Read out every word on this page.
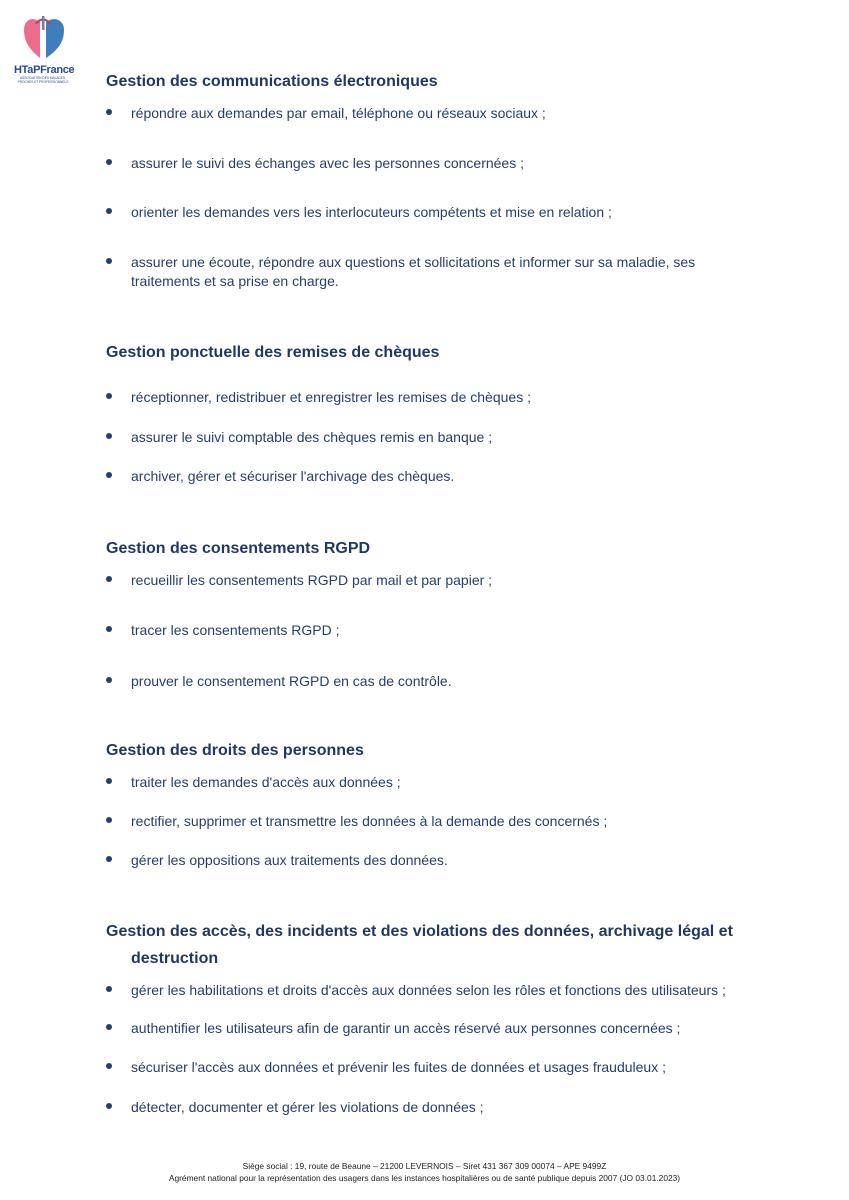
HTaPFrance
ASSOCIATION DES MALADES, PROCHES ET PROFESSIONNELS Gestion des communications électroniques
répondre aux demandes par email, téléphone ou réseaux sociaux ;
assurer le suivi des échanges avec les personnes concernées ;
orienter les demandes vers les interlocuteurs compétents et mise en relation ;
assurer une écoute, répondre aux questions et sollicitations et informer sur sa maladie, ses
traitements et sa prise en charge.
Gestion ponctuelle des remises de chèques
réceptionner, redistribuer et enregistrer les remises de chèques ;
assurer le suivi comptable des chèques remis en banque ;
archiver, gérer et sécuriser l'archivage des chèques.
Gestion des consentements RGPD
recueillir les consentements RGPD par mail et par papier ;
tracer les consentements RGPD ;
prouver le consentement RGPD en cas de contrôle.
Gestion des droits des personnes
traiter les demandes d'accès aux données ;
rectifier, supprimer et transmettre les données à la demande des concernés ;
gérer les oppositions aux traitements des données.
Gestion des accès, des incidents et des violations des données, archivage légal et
destruction
gérer les habilitations et droits d'accès aux données selon les rôles et fonctions des utilisateurs ;
authentifier les utilisateurs afin de garantir un accès réservé aux personnes concernées ;
sécuriser l'accès aux données et prévenir les fuites de données et usages frauduleux ;
détecter, documenter et gérer les violations de données ;
Siège social : 19, route de Beaune – 21200 LEVERNOIS – Siret 431 367 309 00074 – APE 9499Z
Agrément national pour la représentation des usagers dans les instances hospitalières ou de santé publique depuis 2007 (JO 03.01.2023)
